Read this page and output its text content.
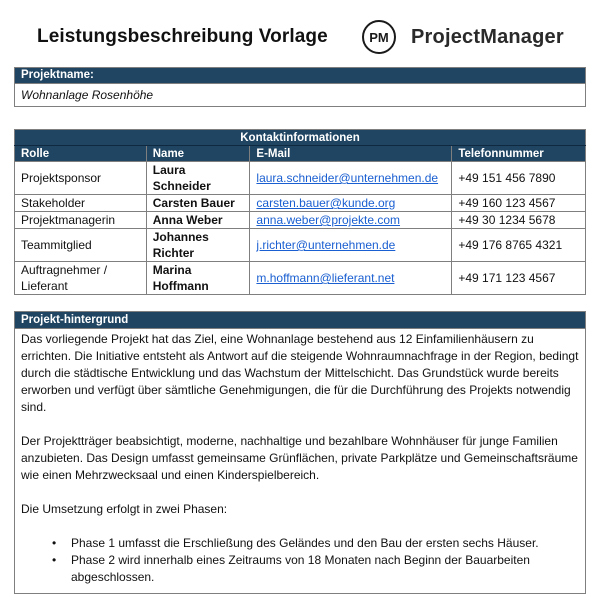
Leistungsbeschreibung Vorlage	PM	ProjectManager
Projektname:
Wohnanlage Rosenhöhe
Kontaktinformationen			
Rolle	Name	E-Mail	Telefonnummer
Projektsponsor	Laura Schneider	laura.schneider@unternehmen.de	+49 151 456 7890
Stakeholder	Carsten Bauer	carsten.bauer@kunde.org	+49 160 123 4567
Projektmanagerin	Anna Weber	anna.weber@projekte.com	+49 30 1234 5678
Teammitglied	Johannes Richter	j.richter@unternehmen.de	+49 176 8765 4321
Auftragnehmer / Lieferant	Marina Hoffmann	m.hoffmann@lieferant.net	+49 171 123 4567
Projekt-hintergrund

Das vorliegende Projekt hat das Ziel, eine Wohnanlage bestehend aus 12 Einfamilienhäusern zu errichten. Die Initiative entsteht als Antwort auf die steigende Wohnraumnachfrage in der Region, bedingt durch die städtische Entwicklung und das Wachstum der Mittelschicht. Das Grundstück wurde bereits erworben und verfügt über sämtliche Genehmigungen, die für die Durchführung des Projekts notwendig sind.

Der Projektträger beabsichtigt, moderne, nachhaltige und bezahlbare Wohnhäuser für junge Familien anzubieten. Das Design umfasst gemeinsame Grünflächen, private Parkplätze und Gemeinschaftsräume wie einen Mehrzwecksaal und einen Kinderspielbereich.

Die Umsetzung erfolgt in zwei Phasen:

• Phase 1 umfasst die Erschließung des Geländes und den Bau der ersten sechs Häuser.
• Phase 2 wird innerhalb eines Zeitraums von 18 Monaten nach Beginn der Bauarbeiten abgeschlossen.
